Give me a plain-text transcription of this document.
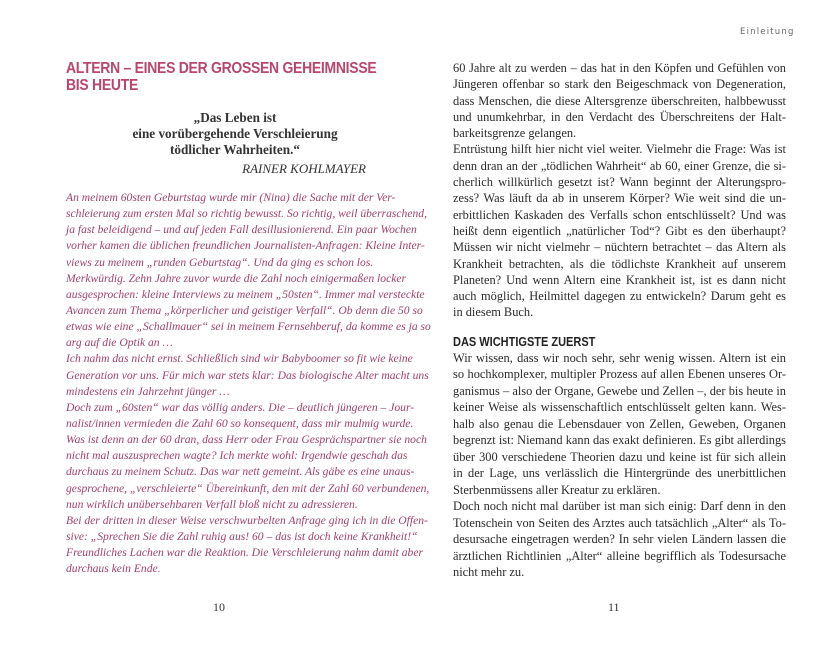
Einleitung
ALTERN – EINES DER GROSSEN GEHEIMNISSE
BIS HEUTE
„Das Leben ist
eine vorübergehende Verschleierung
tödlicher Wahrheiten.“
RAINER KOHLMAYER
An meinem 60sten Geburtstag wurde mir (Nina) die Sache mit der Ver-
schleierung zum ersten Mal so richtig bewusst. So richtig, weil überraschend,
ja fast beleidigend – und auf jeden Fall desillusionierend. Ein paar Wochen
vorher kamen die üblichen freundlichen Journalisten-Anfragen: Kleine Inter-
views zu meinem „runden Geburtstag“. Und da ging es schon los.
Merkwürdig. Zehn Jahre zuvor wurde die Zahl noch einigermaßen locker
ausgesprochen: kleine Interviews zu meinem „50sten“. Immer mal versteckte
Avancen zum Thema „körperlicher und geistiger Verfall“. Ob denn die 50 so
etwas wie eine „Schallmauer“ sei in meinem Fernsehberuf, da komme es ja so
arg auf die Optik an …
Ich nahm das nicht ernst. Schließlich sind wir Babyboomer so fit wie keine
Generation vor uns. Für mich war stets klar: Das biologische Alter macht uns
mindestens ein Jahrzehnt jünger …
Doch zum „60sten“ war das völlig anders. Die – deutlich jüngeren – Jour-
nalist/innen vermieden die Zahl 60 so konsequent, dass mir mulmig wurde.
Was ist denn an der 60 dran, dass Herr oder Frau Gesprächspartner sie noch
nicht mal auszusprechen wagte? Ich merkte wohl: Irgendwie geschah das
durchaus zu meinem Schutz. Das war nett gemeint. Als gäbe es eine unaus-
gesprochene, „verschleierte“ Übereinkunft, den mit der Zahl 60 verbundenen,
nun wirklich unübersehbaren Verfall bloß nicht zu adressieren.
Bei der dritten in dieser Weise verschwurbelten Anfrage ging ich in die Offen-
sive: „Sprechen Sie die Zahl ruhig aus! 60 – das ist doch keine Krankheit!“
Freundliches Lachen war die Reaktion. Die Verschleierung nahm damit aber
durchaus kein Ende.
10
60 Jahre alt zu werden – das hat in den Köpfen und Gefühlen von
Jüngeren offenbar so stark den Beigeschmack von Degeneration,
dass Menschen, die diese Altersgrenze überschreiten, halbbewusst
und unumkehrbar, in den Verdacht des Überschreitens der Halt-
barkeitsgrenze gelangen.
Entrüstung hilft hier nicht viel weiter. Vielmehr die Frage: Was ist
denn dran an der „tödlichen Wahrheit“ ab 60, einer Grenze, die si-
cherlich willkürlich gesetzt ist? Wann beginnt der Alterungspro-
zess? Was läuft da ab in unserem Körper? Wie weit sind die un-
erbittlichen Kaskaden des Verfalls schon entschlüsselt? Und was
heißt denn eigentlich „natürlicher Tod“? Gibt es den überhaupt?
Müssen wir nicht vielmehr – nüchtern betrachtet – das Altern als
Krankheit betrachten, als die tödlichste Krankheit auf unserem
Planeten? Und wenn Altern eine Krankheit ist, ist es dann nicht
auch möglich, Heilmittel dagegen zu entwickeln? Darum geht es
in diesem Buch.
DAS WICHTIGSTE ZUERST
Wir wissen, dass wir noch sehr, sehr wenig wissen. Altern ist ein
so hochkomplexer, multipler Prozess auf allen Ebenen unseres Or-
ganismus – also der Organe, Gewebe und Zellen –, der bis heute in
keiner Weise als wissenschaftlich entschlüsselt gelten kann. Wes-
halb also genau die Lebensdauer von Zellen, Geweben, Organen
begrenzt ist: Niemand kann das exakt definieren. Es gibt allerdings
über 300 verschiedene Theorien dazu und keine ist für sich allein
in der Lage, uns verlässlich die Hintergründe des unerbittlichen
Sterbenmüssens aller Kreatur zu erklären.
Doch noch nicht mal darüber ist man sich einig: Darf denn in den
Totenschein von Seiten des Arztes auch tatsächlich „Alter“ als To-
desursache eingetragen werden? In sehr vielen Ländern lassen die
ärztlichen Richtlinien „Alter“ alleine begrifflich als Todesursache
nicht mehr zu.
11
